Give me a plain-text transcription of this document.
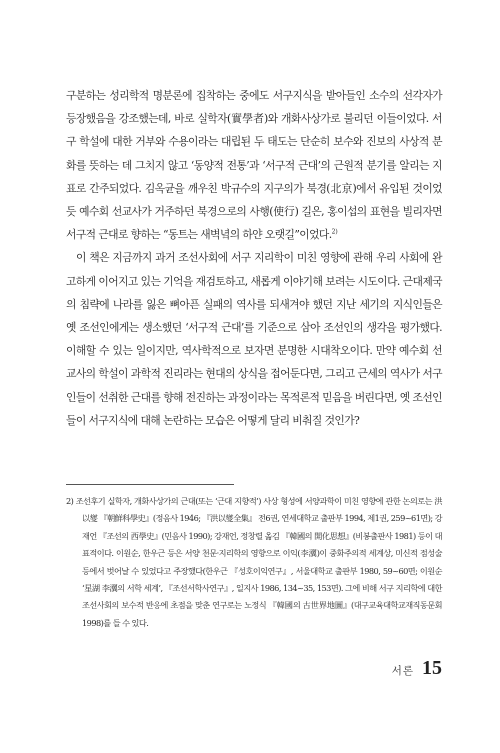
구분하는 성리학적 명분론에 집착하는 중에도 서구지식을 받아들인 소수의 선각자가 등장했음을 강조했는데, 바로 실학자(實學者)와 개화사상가로 불리던 이들이었다. 서구 학설에 대한 거부와 수용이라는 대립된 두 태도는 단순히 보수와 진보의 사상적 분화를 뜻하는 데 그치지 않고 ‘동양적 전통’과 ‘서구적 근대’의 근원적 분기를 알리는 지표로 간주되었다. 김옥균을 깨우친 박규수의 지구의가 북경(北京)에서 유입된 것이었듯 예수회 선교사가 거주하던 북경으로의 사행(使行) 길은, 홍이섭의 표현을 빌리자면 서구적 근대로 향하는 “동트는 새벽녘의 하얀 오랫길”이었다.$^{2)}$

이 책은 지금까지 과거 조선사회에 서구 지리학이 미친 영향에 관해 우리 사회에 완고하게 이어지고 있는 기억을 재검토하고, 새롭게 이야기해 보려는 시도이다. 근대제국의 침략에 나라를 잃은 뼈아픈 실패의 역사를 되새겨야 했던 지난 세기의 지식인들은 옛 조선인에게는 생소했던 ‘서구적 근대’를 기준으로 삼아 조선인의 생각을 평가했다. 이해할 수 있는 일이지만, 역사학적으로 보자면 분명한 시대착오이다. 만약 예수회 선교사의 학설이 과학적 진리라는 현대의 상식을 접어둔다면, 그리고 근세의 역사가 서구인들이 선취한 근대를 향해 전진하는 과정이라는 목적론적 믿음을 버린다면, 옛 조선인들이 서구지식에 대해 논란하는 모습은 어떻게 달리 비춰질 것인가?

2) 조선후기 실학자, 개화사상가의 근대(또는 ‘근대 지향적’) 사상 형성에 서양과학이 미친 영향에 관한 논의로는 洪以燮 『朝鮮科學史』(정음사 1946; 『洪以燮全集』 전6권, 연세대학교 출판부 1994, 제1권, 259~61면); 강재언 『조선의 西學史』(민음사 1990); 강재언, 정창렬 옮김 『韓國의 開化思想』(비봉출판사 1981) 등이 대표적이다. 이원순, 한우근 등은 서양 천문·지리학의 영향으로 이익(李瀷)이 중화주의적 세계상, 미신적 점성술 등에서 벗어날 수 있었다고 주장했다(한우근 『성호이익연구』, 서울대학교 출판부 1980, 59~60면; 이원순 ‘星湖 李瀷의 서학 세계’, 『조선서학사연구』, 일지사 1986, 134~35, 153면). 그에 비해 서구 지리학에 대한 조선사회의 보수적 반응에 초점을 맞춘 연구로는 노정식 『韓國의 古世界地圖』(대구교육대학교재직동문회 1998)를 들 수 있다.
서론 15
